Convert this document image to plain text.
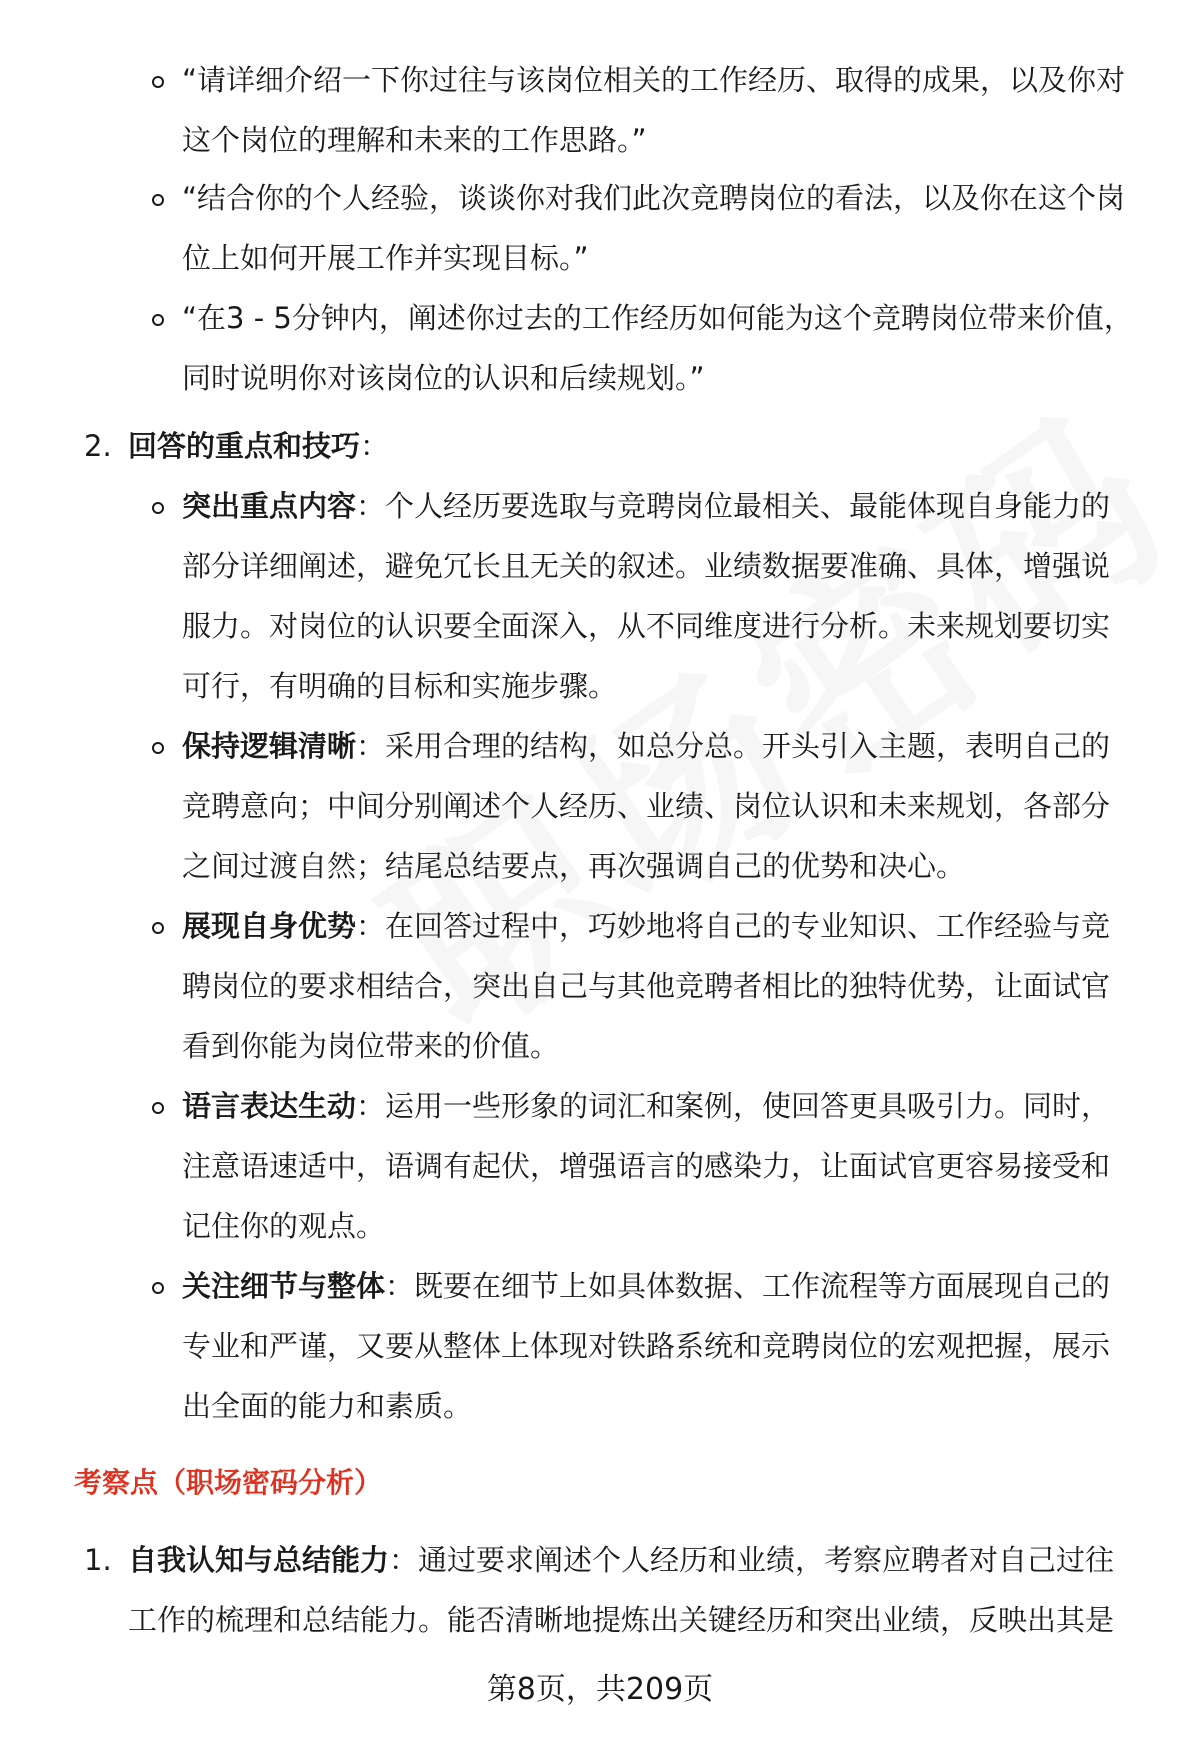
“请详细介绍一下你过往与该岗位相关的工作经历、取得的成果，以及你对这个岗位的理解和未来的工作思路。”

“结合你的个人经验，谈谈你对我们此次竞聘岗位的看法，以及你在这个岗位上如何开展工作并实现目标。”

“在3 - 5分钟内，阐述你过去的工作经历如何能为这个竞聘岗位带来价值，同时说明你对该岗位的认识和后续规划。”

2. 回答的重点和技巧：

突出重点内容：个人经历要选取与竞聘岗位最相关、最能体现自身能力的部分详细阐述，避免冗长且无关的叙述。业绩数据要准确、具体，增强说服力。对岗位的认识要全面深入，从不同维度进行分析。未来规划要切实可行，有明确的目标和实施步骤。

保持逻辑清晰：采用合理的结构，如总分总。开头引入主题，表明自己的竞聘意向；中间分别阐述个人经历、业绩、岗位认识和未来规划，各部分之间过渡自然；结尾总结要点，再次强调自己的优势和决心。

展现自身优势：在回答过程中，巧妙地将自己的专业知识、工作经验与竞聘岗位的要求相结合，突出自己与其他竞聘者相比的独特优势，让面试官看到你能为岗位带来的价值。

语言表达生动：运用一些形象的词汇和案例，使回答更具吸引力。同时，注意语速适中，语调有起伏，增强语言的感染力，让面试官更容易接受和记住你的观点。

关注细节与整体：既要在细节上如具体数据、工作流程等方面展现自己的专业和严谨，又要从整体上体现对铁路系统和竞聘岗位的宏观把握，展示出全面的能力和素质。

考察点（职场密码分析）
1. 自我认知与总结能力：通过要求阐述个人经历和业绩，考察应聘者对自己过往工作的梳理和总结能力。能否清晰地提炼出关键经历和突出业绩，反映出其是

第8页，共209页
